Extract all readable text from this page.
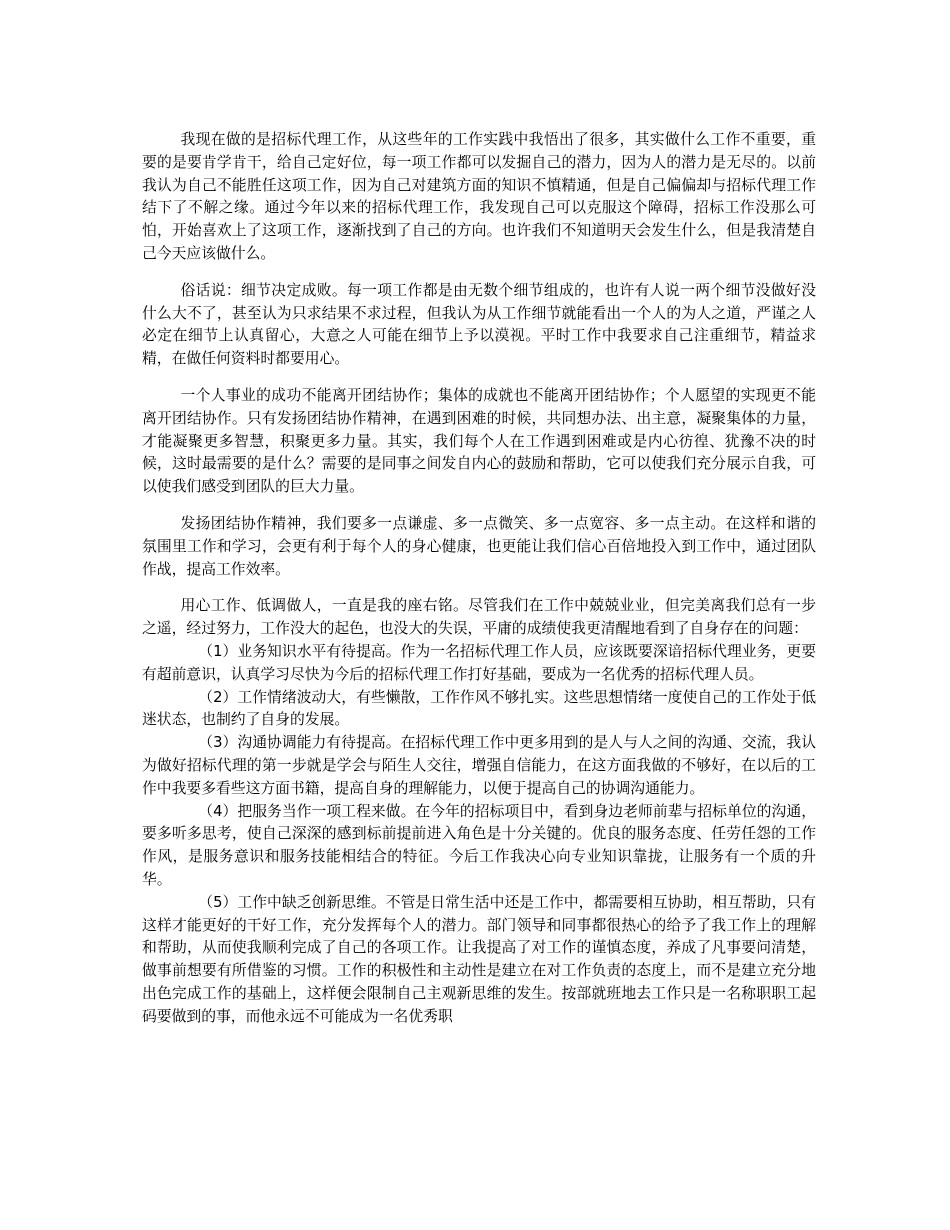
我现在做的是招标代理工作，从这些年的工作实践中我悟出了很多，其实做什么工作不重要，重要的是要肯学肯干，给自己定好位，每一项工作都可以发掘自己的潜力，因为人的潜力是无尽的。以前我认为自己不能胜任这项工作，因为自己对建筑方面的知识不慎精通，但是自己偏偏却与招标代理工作结下了不解之缘。通过今年以来的招标代理工作，我发现自己可以克服这个障碍，招标工作没那么可怕，开始喜欢上了这项工作，逐渐找到了自己的方向。也许我们不知道明天会发生什么，但是我清楚自己今天应该做什么。

俗话说：细节决定成败。每一项工作都是由无数个细节组成的，也许有人说一两个细节没做好没什么大不了，甚至认为只求结果不求过程，但我认为从工作细节就能看出一个人的为人之道，严谨之人必定在细节上认真留心，大意之人可能在细节上予以漠视。平时工作中我要求自己注重细节，精益求精，在做任何资料时都要用心。

一个人事业的成功不能离开团结协作；集体的成就也不能离开团结协作；个人愿望的实现更不能离开团结协作。只有发扬团结协作精神，在遇到困难的时候，共同想办法、出主意，凝聚集体的力量，才能凝聚更多智慧，积聚更多力量。其实，我们每个人在工作遇到困难或是内心彷徨、犹豫不决的时候，这时最需要的是什么？需要的是同事之间发自内心的鼓励和帮助，它可以使我们充分展示自我，可以使我们感受到团队的巨大力量。

发扬团结协作精神，我们要多一点谦虚、多一点微笑、多一点宽容、多一点主动。在这样和谐的氛围里工作和学习，会更有利于每个人的身心健康，也更能让我们信心百倍地投入到工作中，通过团队作战，提高工作效率。

用心工作、低调做人，一直是我的座右铭。尽管我们在工作中兢兢业业，但完美离我们总有一步之遥，经过努力，工作没大的起色，也没大的失误，平庸的成绩使我更清醒地看到了自身存在的问题：

（1）业务知识水平有待提高。作为一名招标代理工作人员，应该既要深谙招标代理业务，更要有超前意识，认真学习尽快为今后的招标代理工作打好基础，要成为一名优秀的招标代理人员。

（2）工作情绪波动大，有些懒散，工作作风不够扎实。这些思想情绪一度使自己的工作处于低迷状态，也制约了自身的发展。

（3）沟通协调能力有待提高。在招标代理工作中更多用到的是人与人之间的沟通、交流，我认为做好招标代理的第一步就是学会与陌生人交往，增强自信能力，在这方面我做的不够好，在以后的工作中我要多看些这方面书籍，提高自身的理解能力，以便于提高自己的协调沟通能力。

（4）把服务当作一项工程来做。在今年的招标项目中，看到身边老师前辈与招标单位的沟通，要多听多思考，使自己深深的感到标前提前进入角色是十分关键的。优良的服务态度、任劳任怨的工作作风，是服务意识和服务技能相结合的特征。今后工作我决心向专业知识靠拢，让服务有一个质的升华。

（5）工作中缺乏创新思维。不管是日常生活中还是工作中，都需要相互协助，相互帮助，只有这样才能更好的干好工作，充分发挥每个人的潜力。部门领导和同事都很热心的给予了我工作上的理解和帮助，从而使我顺利完成了自己的各项工作。让我提高了对工作的谨慎态度，养成了凡事要问清楚，做事前想要有所借鉴的习惯。工作的积极性和主动性是建立在对工作负责的态度上，而不是建立充分地出色完成工作的基础上，这样便会限制自己主观新思维的发生。按部就班地去工作只是一名称职职工起码要做到的事，而他永远不可能成为一名优秀职
